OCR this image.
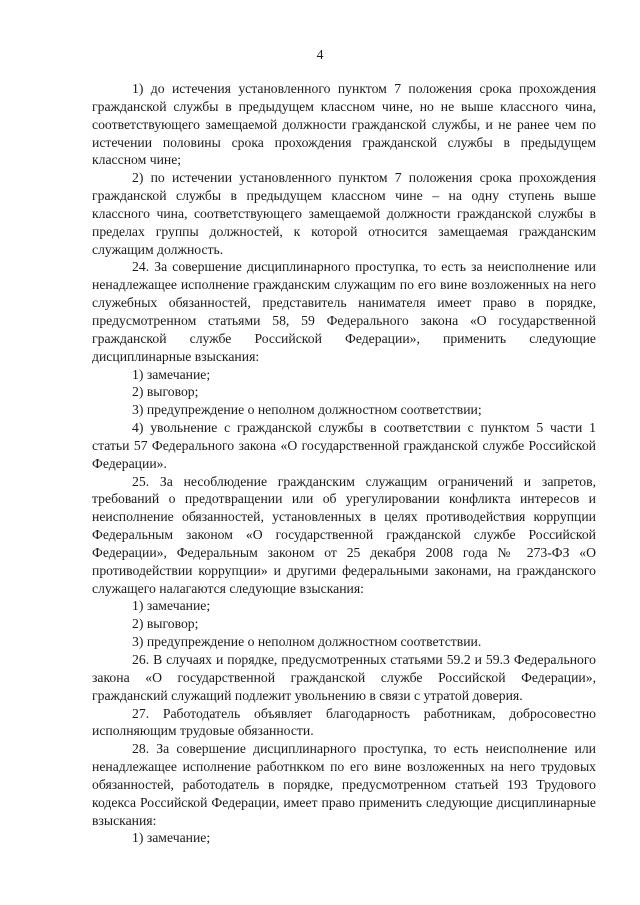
4

1) до истечения установленного пунктом 7 положения срока прохождения гражданской службы в предыдущем классном чине, но не выше классного чина, соответствующего замещаемой должности гражданской службы, и не ранее чем по истечении половины срока прохождения гражданской службы в предыдущем классном чине;

2) по истечении установленного пунктом 7 положения срока прохождения гражданской службы в предыдущем классном чине – на одну ступень выше классного чина, соответствующего замещаемой должности гражданской службы в пределах группы должностей, к которой относится замещаемая гражданским служащим должность.

24. За совершение дисциплинарного проступка, то есть за неисполнение или ненадлежащее исполнение гражданским служащим по его вине возложенных на него служебных обязанностей, представитель нанимателя имеет право в порядке, предусмотренном статьями 58, 59 Федерального закона «О государственной гражданской службе Российской Федерации», применить следующие дисциплинарные взыскания:

1) замечание;

2) выговор;

3) предупреждение о неполном должностном соответствии;

4) увольнение с гражданской службы в соответствии с пунктом 5 части 1 статьи 57 Федерального закона «О государственной гражданской службе Российской Федерации».

25. За несоблюдение гражданским служащим ограничений и запретов, требований о предотвращении или об урегулировании конфликта интересов и неисполнение обязанностей, установленных в целях противодействия коррупции Федеральным законом «О государственной гражданской службе Российской Федерации», Федеральным законом от 25 декабря 2008 года № 273-ФЗ «О противодействии коррупции» и другими федеральными законами, на гражданского служащего налагаются следующие взыскания:

1) замечание;

2) выговор;

3) предупреждение о неполном должностном соответствии.

26. В случаях и порядке, предусмотренных статьями 59.2 и 59.3 Федерального закона «О государственной гражданской службе Российской Федерации», гражданский служащий подлежит увольнению в связи с утратой доверия.

27. Работодатель объявляет благодарность работникам, добросовестно исполняющим трудовые обязанности.

28. За совершение дисциплинарного проступка, то есть неисполнение или ненадлежащее исполнение работнкком по его вине возложенных на него трудовых обязанностей, работодатель в порядке, предусмотренном статьей 193 Трудового кодекса Российской Федерации, имеет право применить следующие дисциплинарные взыскания:

1) замечание;
